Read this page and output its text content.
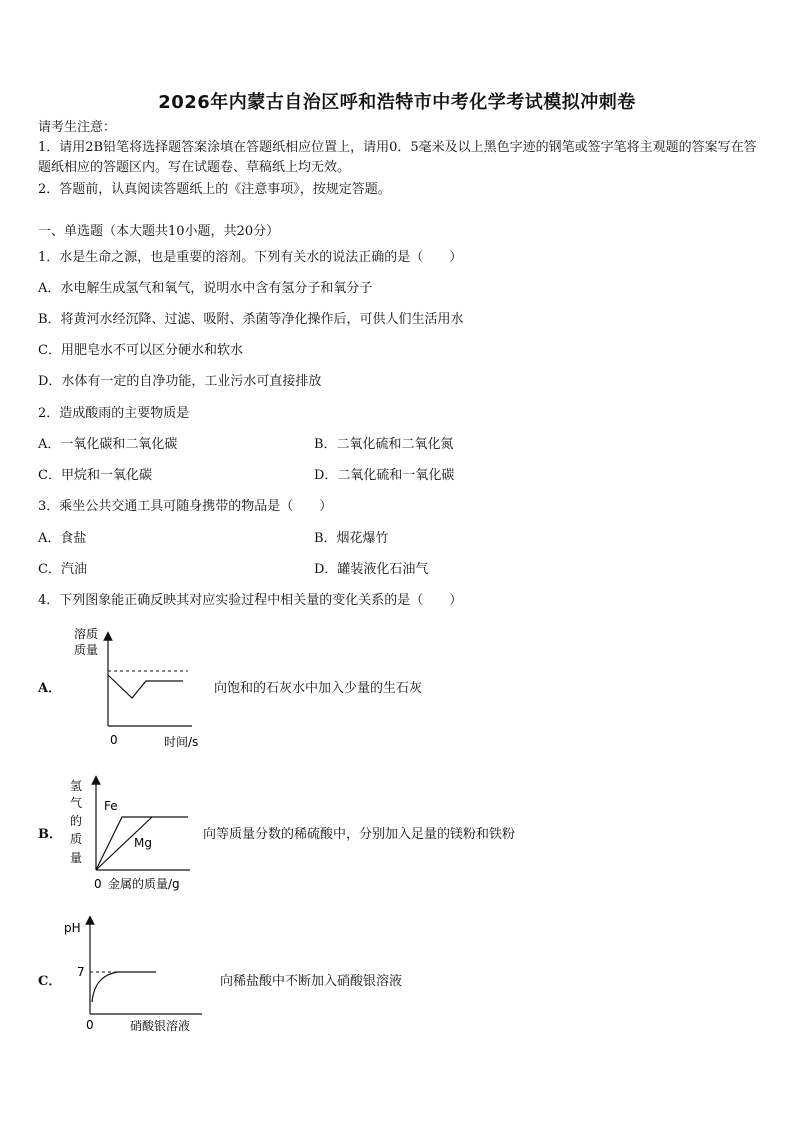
2026年内蒙古自治区呼和浩特市中考化学考试模拟冲刺卷
请考生注意：
1．请用2B铅笔将选择题答案涂填在答题纸相应位置上，请用0．5毫米及以上黑色字迹的钢笔或签字笔将主观题的答案写在答题纸相应的答题区内。写在试题卷、草稿纸上均无效。
2．答题前，认真阅读答题纸上的《注意事项》，按规定答题。
一、单选题（本大题共10小题，共20分）
1．水是生命之源，也是重要的溶剂。下列有关水的说法正确的是（　　）
A．水电解生成氢气和氧气，说明水中含有氢分子和氧分子
B．将黄河水经沉降、过滤、吸附、杀菌等净化操作后，可供人们生活用水
C．用肥皂水不可以区分硬水和软水
D．水体有一定的自净功能，工业污水可直接排放
2．造成酸雨的主要物质是
A．一氧化碳和二氧化碳	B．二氧化硫和二氧化氮
C．甲烷和一氧化碳	D．二氧化硫和一氧化碳
3．乘坐公共交通工具可随身携带的物品是（　　）
A．食盐	B．烟花爆竹
C．汽油	D．罐装液化石油气
4．下列图象能正确反映其对应实验过程中相关量的变化关系的是（　　）
A．
溶质
质量
0	时间/s
向饱和的石灰水中加入少量的生石灰
B．
氢
气
的
质
量
Fe
Mg
0 金属的质量/g
向等质量分数的稀硫酸中，分别加入足量的镁粉和铁粉
C．
pH
7
0	硝酸银溶液
向稀盐酸中不断加入硝酸银溶液
